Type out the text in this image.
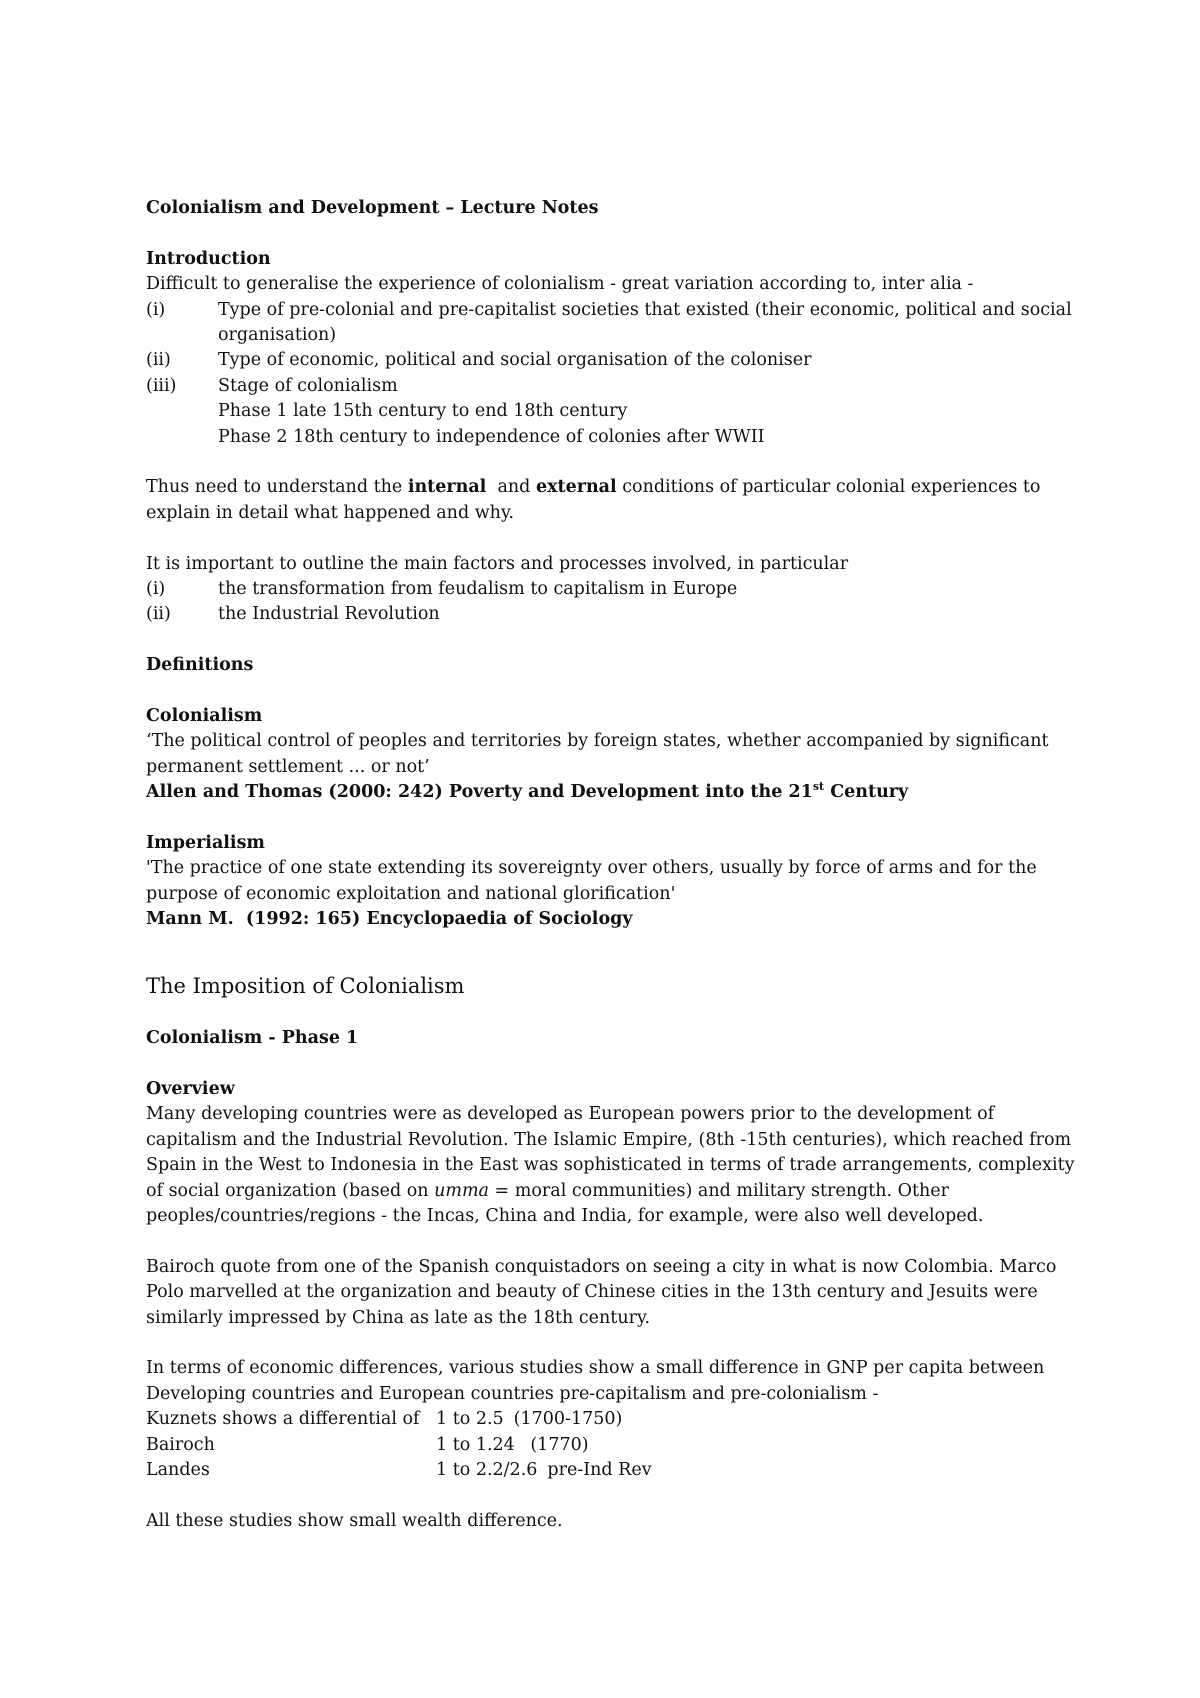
Colonialism and Development – Lecture Notes

Introduction

Difficult to generalise the experience of colonialism - great variation according to, inter alia -

(i)	Type of pre-colonial and pre-capitalist societies that existed (their economic, political and social organisation)
(ii)	Type of economic, political and social organisation of the coloniser
(iii)	Stage of colonialism

Phase 1 late 15th century to end 18th century

Phase 2 18th century to independence of colonies after WWII

Thus need to understand the internal  and external conditions of particular colonial experiences to explain in detail what happened and why.

It is important to outline the main factors and processes involved, in particular

(i)	the transformation from feudalism to capitalism in Europe
(ii)	the Industrial Revolution

Definitions

Colonialism

‘The political control of peoples and territories by foreign states, whether accompanied by significant permanent settlement ... or not’

Allen and Thomas (2000: 242) Poverty and Development into the 21st Century

Imperialism

'The practice of one state extending its sovereignty over others, usually by force of arms and for the purpose of economic exploitation and national glorification'

Mann M.  (1992: 165) Encyclopaedia of Sociology

The Imposition of Colonialism

Colonialism - Phase 1

Overview

Many developing countries were as developed as European powers prior to the development of capitalism and the Industrial Revolution. The Islamic Empire, (8th -15th centuries), which reached from Spain in the West to Indonesia in the East was sophisticated in terms of trade arrangements, complexity of social organization (based on umma = moral communities) and military strength. Other peoples/countries/regions - the Incas, China and India, for example, were also well developed.

Bairoch quote from one of the Spanish conquistadors on seeing a city in what is now Colombia. Marco Polo marvelled at the organization and beauty of Chinese cities in the 13th century and Jesuits were similarly impressed by China as late as the 18th century.

In terms of economic differences, various studies show a small difference in GNP per capita between Developing countries and European countries pre-capitalism and pre-colonialism -

Kuznets shows a differential of 1 to 2.5 (1700-1750)
Bairoch	1 to 1.24 (1770)
Landes	1 to 2.2/2.6 pre-Ind Rev

All these studies show small wealth difference.
